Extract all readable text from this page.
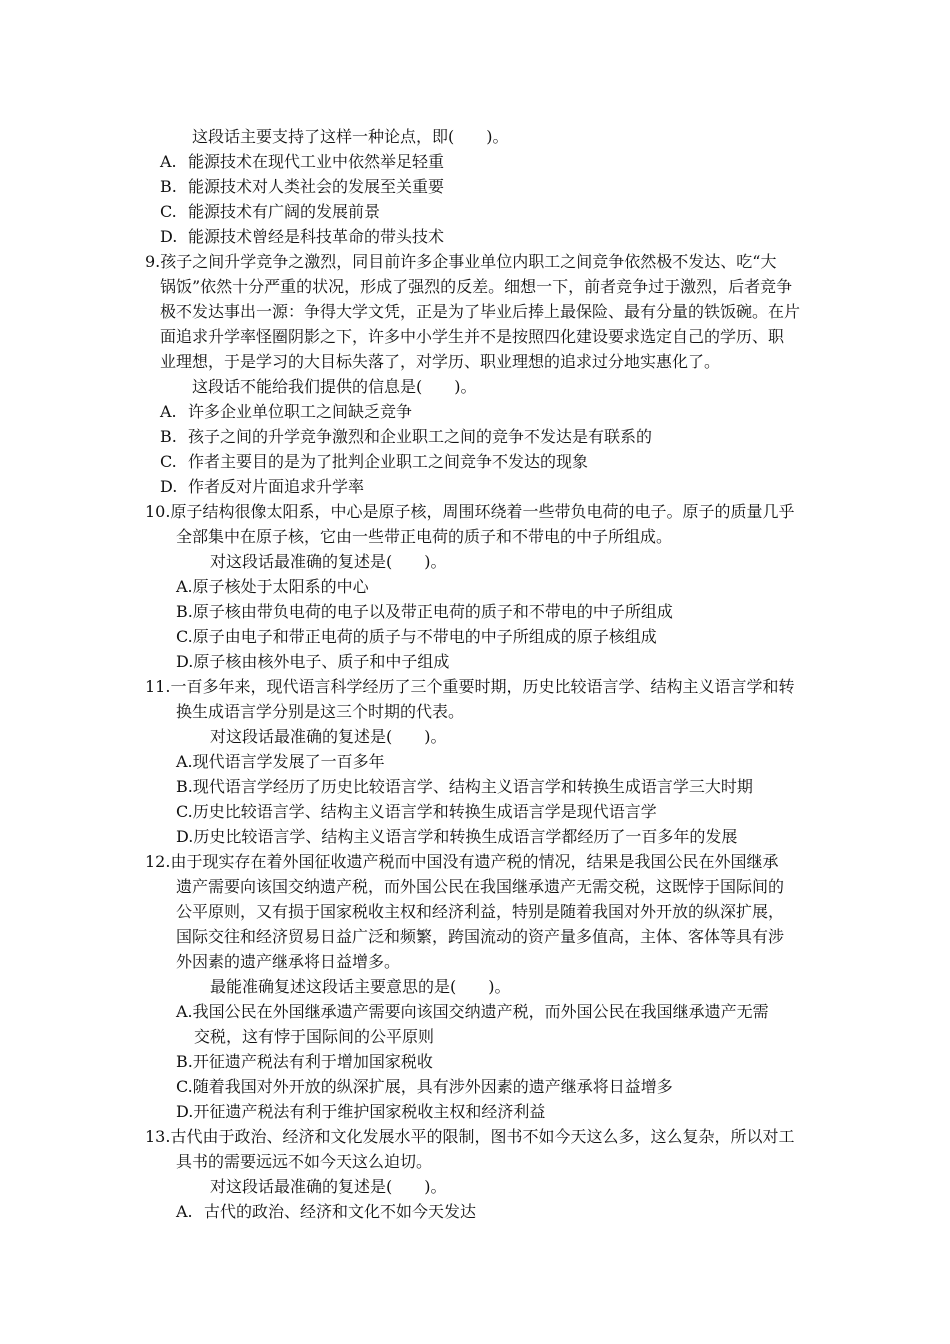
这段话主要支持了这样一种论点，即(　　)。
A. 能源技术在现代工业中依然举足轻重
B. 能源技术对人类社会的发展至关重要
C. 能源技术有广阔的发展前景
D. 能源技术曾经是科技革命的带头技术
9.孩子之间升学竞争之激烈，同目前许多企事业单位内职工之间竞争依然极不发达、吃“大
锅饭”依然十分严重的状况，形成了强烈的反差。细想一下，前者竞争过于激烈，后者竞争
极不发达事出一源：争得大学文凭，正是为了毕业后捧上最保险、最有分量的铁饭碗。在片
面追求升学率怪圈阴影之下，许多中小学生并不是按照四化建设要求选定自己的学历、职
业理想，于是学习的大目标失落了，对学历、职业理想的追求过分地实惠化了。
这段话不能给我们提供的信息是(　　)。
A. 许多企业单位职工之间缺乏竞争
B. 孩子之间的升学竞争激烈和企业职工之间的竞争不发达是有联系的
C. 作者主要目的是为了批判企业职工之间竞争不发达的现象
D. 作者反对片面追求升学率
10.原子结构很像太阳系，中心是原子核，周围环绕着一些带负电荷的电子。原子的质量几乎
全部集中在原子核，它由一些带正电荷的质子和不带电的中子所组成。
对这段话最准确的复述是(　　)。
A.原子核处于太阳系的中心
B.原子核由带负电荷的电子以及带正电荷的质子和不带电的中子所组成
C.原子由电子和带正电荷的质子与不带电的中子所组成的原子核组成
D.原子核由核外电子、质子和中子组成
11.一百多年来，现代语言科学经历了三个重要时期，历史比较语言学、结构主义语言学和转
换生成语言学分别是这三个时期的代表。
对这段话最准确的复述是(　　)。
A.现代语言学发展了一百多年
B.现代语言学经历了历史比较语言学、结构主义语言学和转换生成语言学三大时期
C.历史比较语言学、结构主义语言学和转换生成语言学是现代语言学
D.历史比较语言学、结构主义语言学和转换生成语言学都经历了一百多年的发展
12.由于现实存在着外国征收遗产税而中国没有遗产税的情况，结果是我国公民在外国继承
遗产需要向该国交纳遗产税，而外国公民在我国继承遗产无需交税，这既悖于国际间的
公平原则，又有损于国家税收主权和经济利益，特别是随着我国对外开放的纵深扩展，
国际交往和经济贸易日益广泛和频繁，跨国流动的资产量多值高，主体、客体等具有涉
外因素的遗产继承将日益增多。
最能准确复述这段话主要意思的是(　　)。
A.我国公民在外国继承遗产需要向该国交纳遗产税，而外国公民在我国继承遗产无需
交税，这有悖于国际间的公平原则
B.开征遗产税法有利于增加国家税收
C.随着我国对外开放的纵深扩展，具有涉外因素的遗产继承将日益增多
D.开征遗产税法有利于维护国家税收主权和经济利益
13.古代由于政治、经济和文化发展水平的限制，图书不如今天这么多，这么复杂，所以对工
具书的需要远远不如今天这么迫切。
对这段话最准确的复述是(　　)。
A. 古代的政治、经济和文化不如今天发达
